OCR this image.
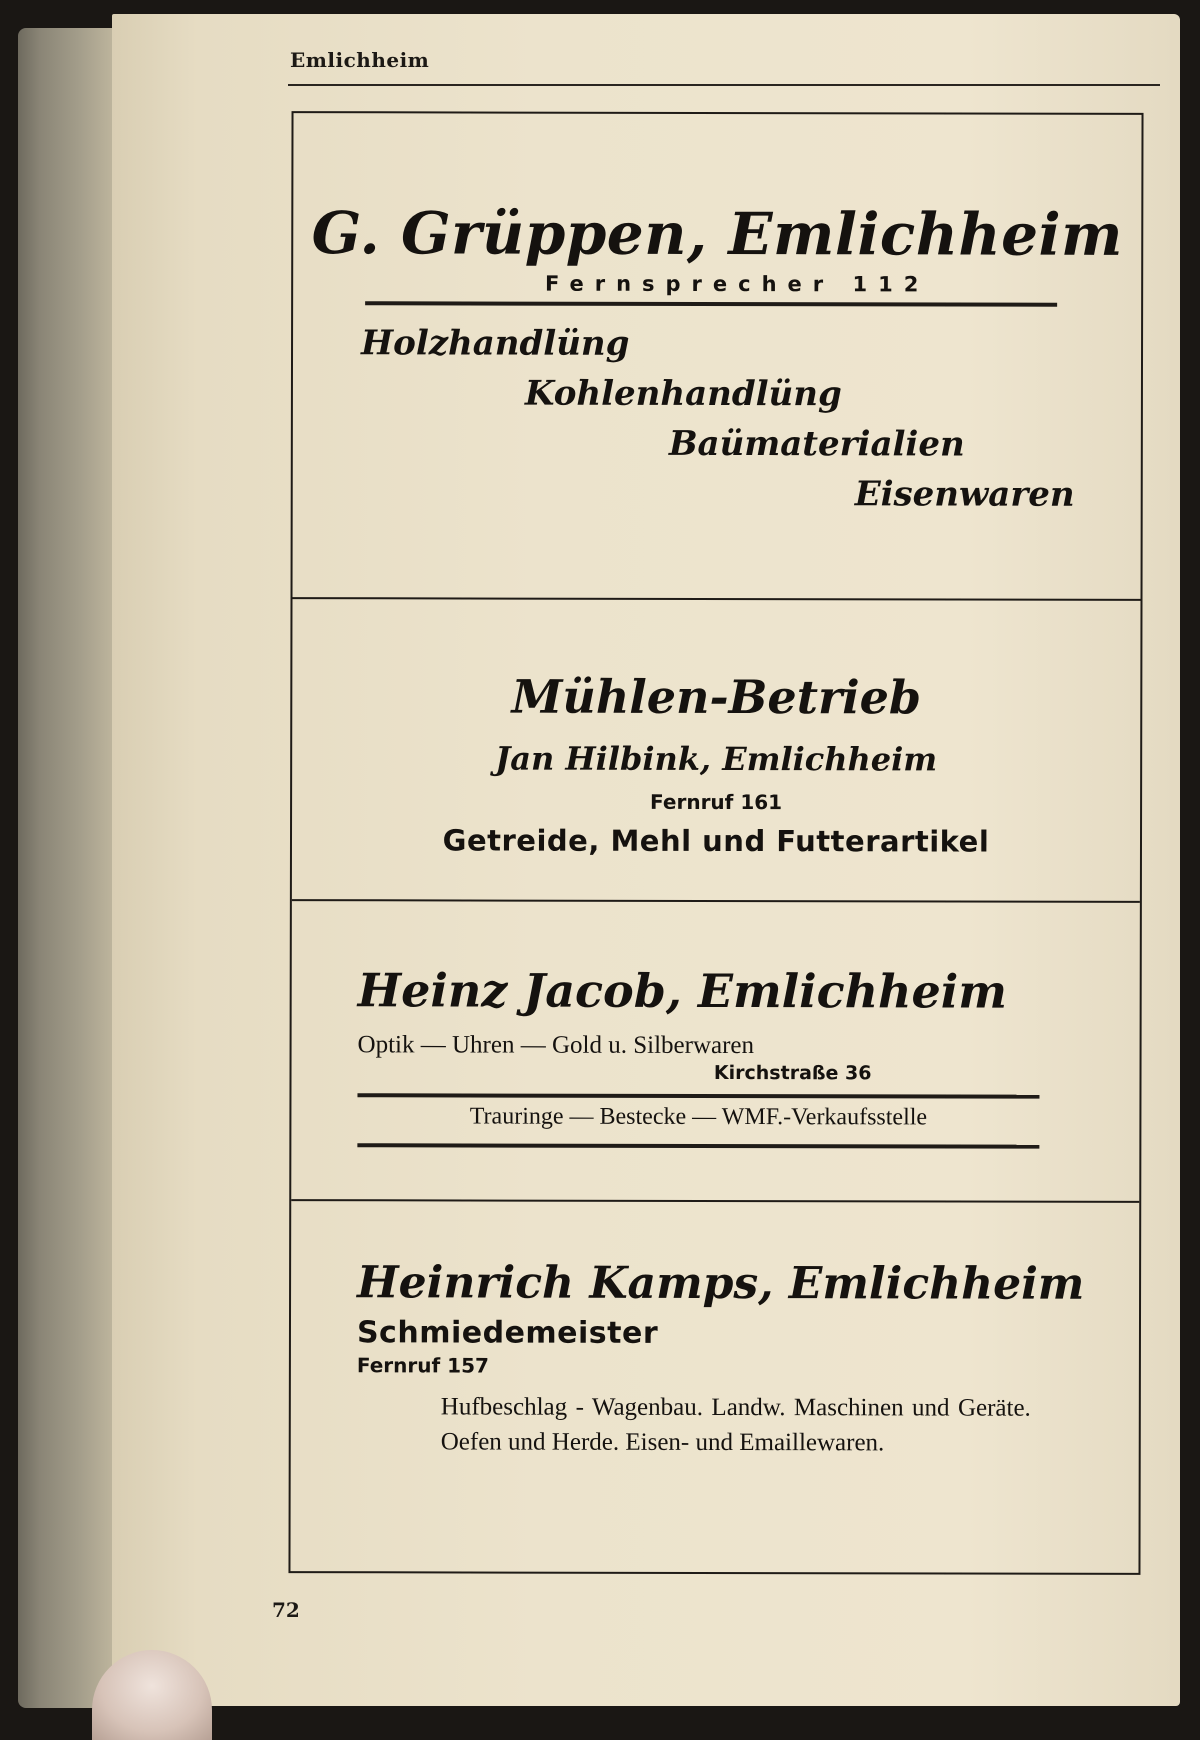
Emlichheim
G. Grüppen, Emlichheim
Fernsprecher 112
Holzhandlüng
Kohlenhandlüng
Baümaterialien
Eisenwaren
Mühlen-Betrieb
Jan Hilbink, Emlichheim
Fernruf 161
Getreide, Mehl und Futterartikel
Heinz Jacob, Emlichheim
Optik — Uhren — Gold u. Silberwaren
Kirchstraße 36
Trauringe — Bestecke — WMF.-Verkaufsstelle
Heinrich Kamps, Emlichheim
Schmiedemeister
Fernruf 157
Hufbeschlag - Wagenbau. Landw. Maschinen und Geräte. Oefen und Herde. Eisen- und Emaillewaren.
72
